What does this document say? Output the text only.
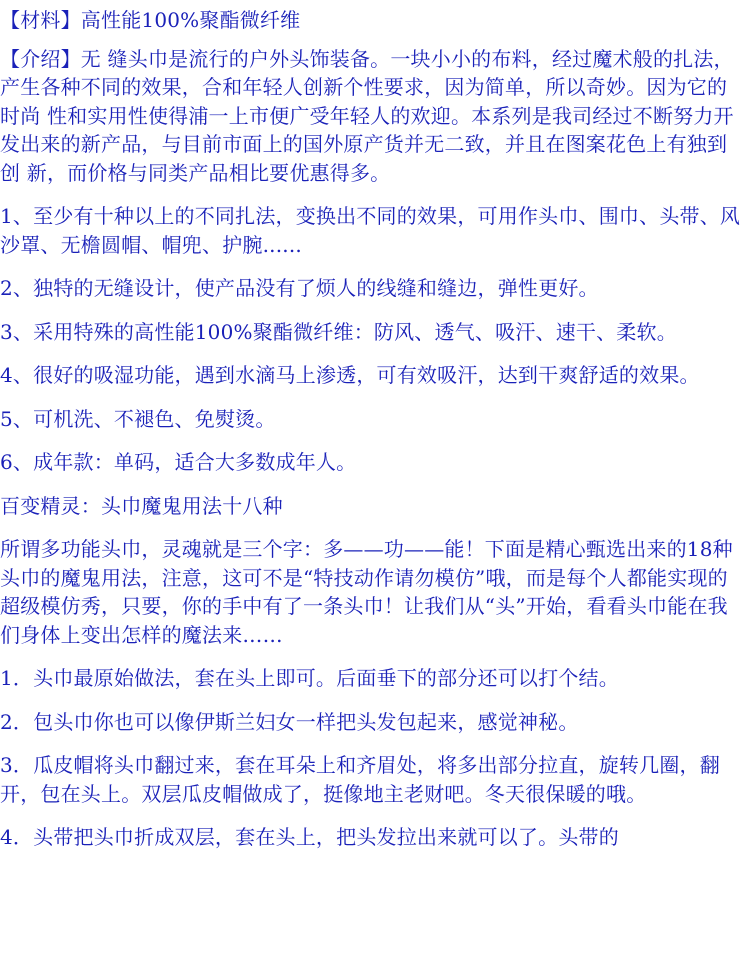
【材料】高性能100%聚酯微纤维

【介绍】无 缝头巾是流行的户外头饰装备。一块小小的布料，经过魔术般的扎法，产生各种不同的效果，合和年轻人创新个性要求，因为简单，所以奇妙。因为它的时尚 性和实用性使得浦一上市便广受年轻人的欢迎。本系列是我司经过不断努力开发出来的新产品，与目前市面上的国外原产货并无二致，并且在图案花色上有独到创 新，而价格与同类产品相比要优惠得多。

1、至少有十种以上的不同扎法，变换出不同的效果，可用作头巾、围巾、头带、风沙罩、无檐圆帽、帽兜、护腕......

2、独特的无缝设计，使产品没有了烦人的线缝和缝边，弹性更好。

3、采用特殊的高性能100%聚酯微纤维：防风、透气、吸汗、速干、柔软。

4、很好的吸湿功能，遇到水滴马上渗透，可有效吸汗，达到干爽舒适的效果。

5、可机洗、不褪色、免熨烫。

6、成年款：单码，适合大多数成年人。

百变精灵：头巾魔鬼用法十八种

所谓多功能头巾，灵魂就是三个字：多——功——能！下面是精心甄选出来的18种头巾的魔鬼用法，注意，这可不是“特技动作请勿模仿”哦，而是每个人都能实现的超级模仿秀，只要，你的手中有了一条头巾！让我们从“头”开始，看看头巾能在我们身体上变出怎样的魔法来……

1．头巾最原始做法，套在头上即可。后面垂下的部分还可以打个结。

2．包头巾你也可以像伊斯兰妇女一样把头发包起来，感觉神秘。

3．瓜皮帽将头巾翻过来，套在耳朵上和齐眉处，将多出部分拉直，旋转几圈，翻开，包在头上。双层瓜皮帽做成了，挺像地主老财吧。冬天很保暖的哦。

4．头带把头巾折成双层，套在头上，把头发拉出来就可以了。头带的
